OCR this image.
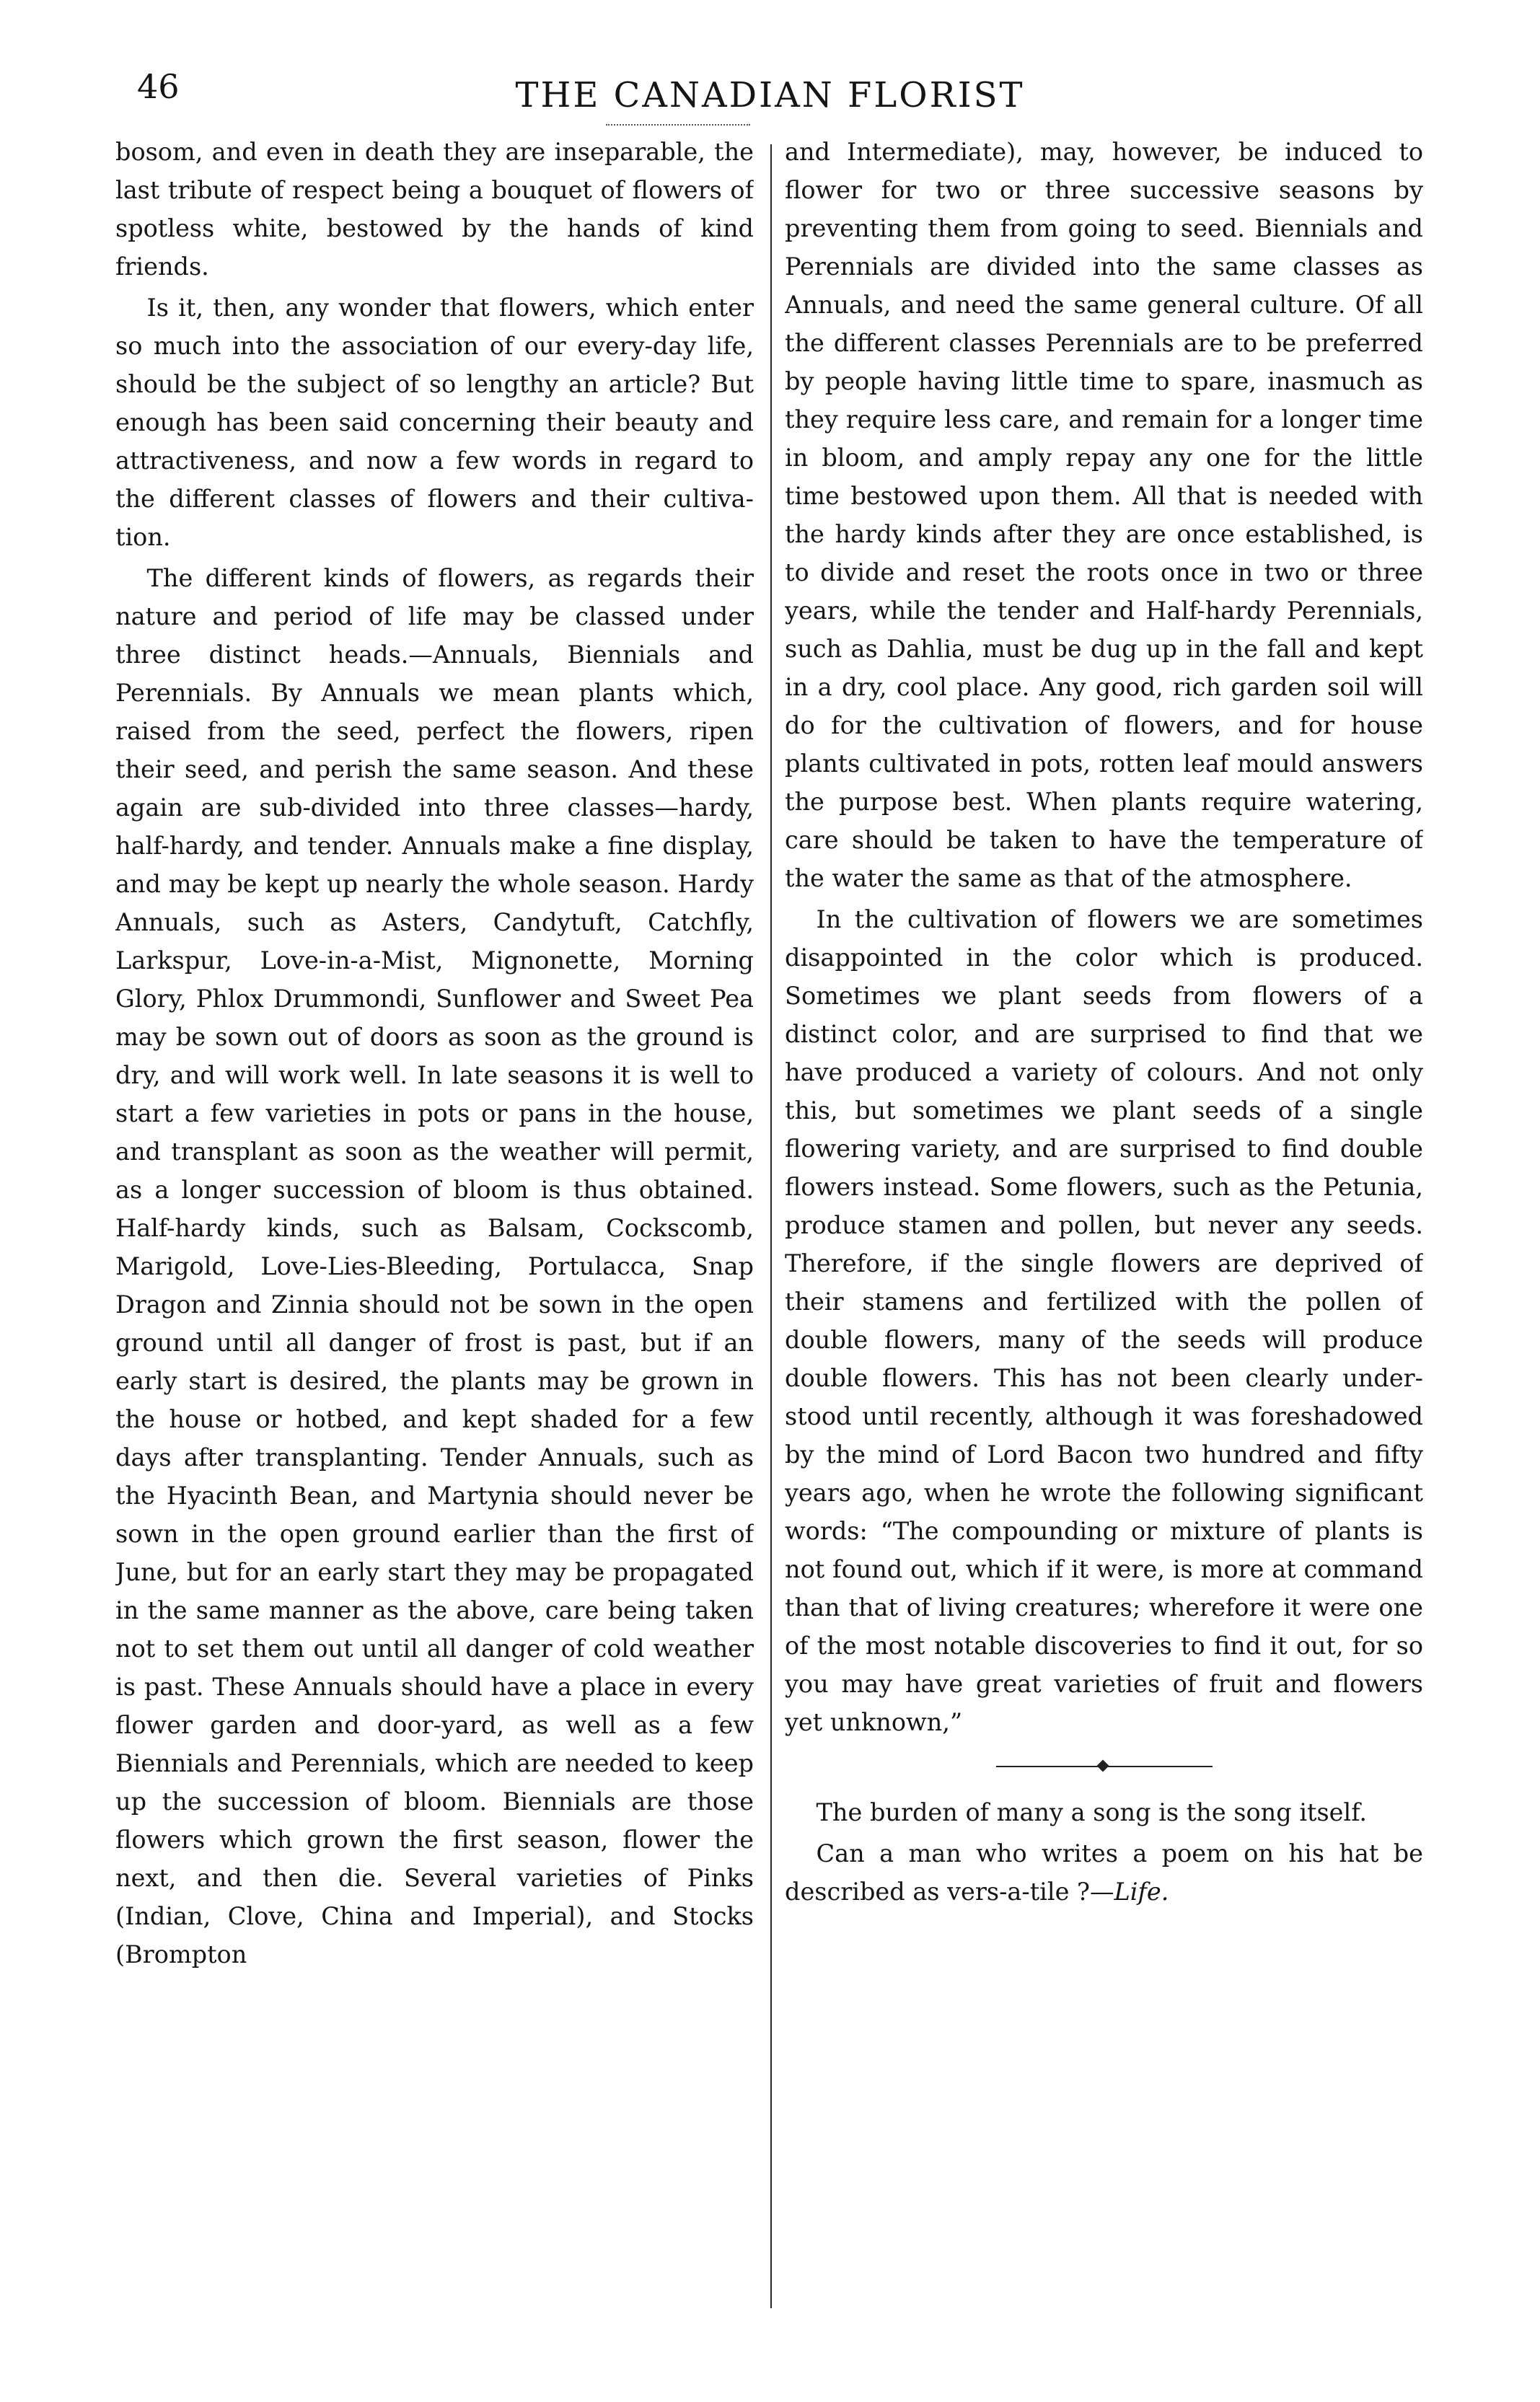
46	THE CANADIAN FLORIST

bosom, and even in death they are inseparable, the last tribute of respect being a bouquet of flowers of spotless white, bestowed by the hands of kind friends.

Is it, then, any wonder that flowers, which enter so much into the association of our every-day life, should be the subject of so lengthy an article? But enough has been said concerning their beauty and attractiveness, and now a few words in regard to the different classes of flowers and their cultivation.

The different kinds of flowers, as regards their nature and period of life may be classed under three distinct heads.—Annuals, Biennials and Perennials. By Annuals we mean plants which, raised from the seed, perfect the flowers, ripen their seed, and perish the same season. And these again are sub-divided into three classes—hardy, half-hardy, and tender. Annuals make a fine display, and may be kept up nearly the whole season. Hardy Annuals, such as Asters, Candytuft, Catchfly, Larkspur, Love-in-a-Mist, Mignonette, Morning Glory, Phlox Drummondi, Sunflower and Sweet Pea may be sown out of doors as soon as the ground is dry, and will work well. In late seasons it is well to start a few varieties in pots or pans in the house, and transplant as soon as the weather will permit, as a longer succession of bloom is thus obtained. Half-hardy kinds, such as Balsam, Cockscomb, Marigold, Love-Lies-Bleeding, Portulacca, Snap Dragon and Zinnia should not be sown in the open ground until all danger of frost is past, but if an early start is desired, the plants may be grown in the house or hotbed, and kept shaded for a few days after transplanting. Tender Annuals, such as the Hyacinth Bean, and Martynia should never be sown in the open ground earlier than the first of June, but for an early start they may be propagated in the same manner as the above, care being taken not to set them out until all danger of cold weather is past. These Annuals should have a place in every flower garden and door-yard, as well as a few Biennials and Perennials, which are needed to keep up the succession of bloom. Biennials are those flowers which grown the first season, flower the next, and then die. Several varieties of Pinks (Indian, Clove, China and Imperial), and Stocks (Brompton

and Intermediate), may, however, be induced to flower for two or three successive seasons by preventing them from going to seed. Biennials and Perennials are divided into the same classes as Annuals, and need the same general culture. Of all the different classes Perennials are to be preferred by people having little time to spare, inasmuch as they require less care, and remain for a longer time in bloom, and amply repay any one for the little time bestowed upon them. All that is needed with the hardy kinds after they are once established, is to divide and reset the roots once in two or three years, while the tender and Half-hardy Perennials, such as Dahlia, must be dug up in the fall and kept in a dry, cool place. Any good, rich garden soil will do for the cultivation of flowers, and for house plants cultivated in pots, rotten leaf mould answers the purpose best. When plants require watering, care should be taken to have the temperature of the water the same as that of the atmosphere.

In the cultivation of flowers we are sometimes disappointed in the color which is produced. Sometimes we plant seeds from flowers of a distinct color, and are surprised to find that we have produced a variety of colours. And not only this, but sometimes we plant seeds of a single flowering variety, and are surprised to find double flowers instead. Some flowers, such as the Petunia, produce stamen and pollen, but never any seeds. Therefore, if the single flowers are deprived of their stamens and fertilized with the pollen of double flowers, many of the seeds will produce double flowers. This has not been clearly understood until recently, although it was foreshadowed by the mind of Lord Bacon two hundred and fifty years ago, when he wrote the following significant words: “The compounding or mixture of plants is not found out, which if it were, is more at command than that of living creatures; wherefore it were one of the most notable discoveries to find it out, for so you may have great varieties of fruit and flowers yet unknown,”

The burden of many a song is the song itself.

Can a man who writes a poem on his hat be described as vers-a-tile ?—Life.
